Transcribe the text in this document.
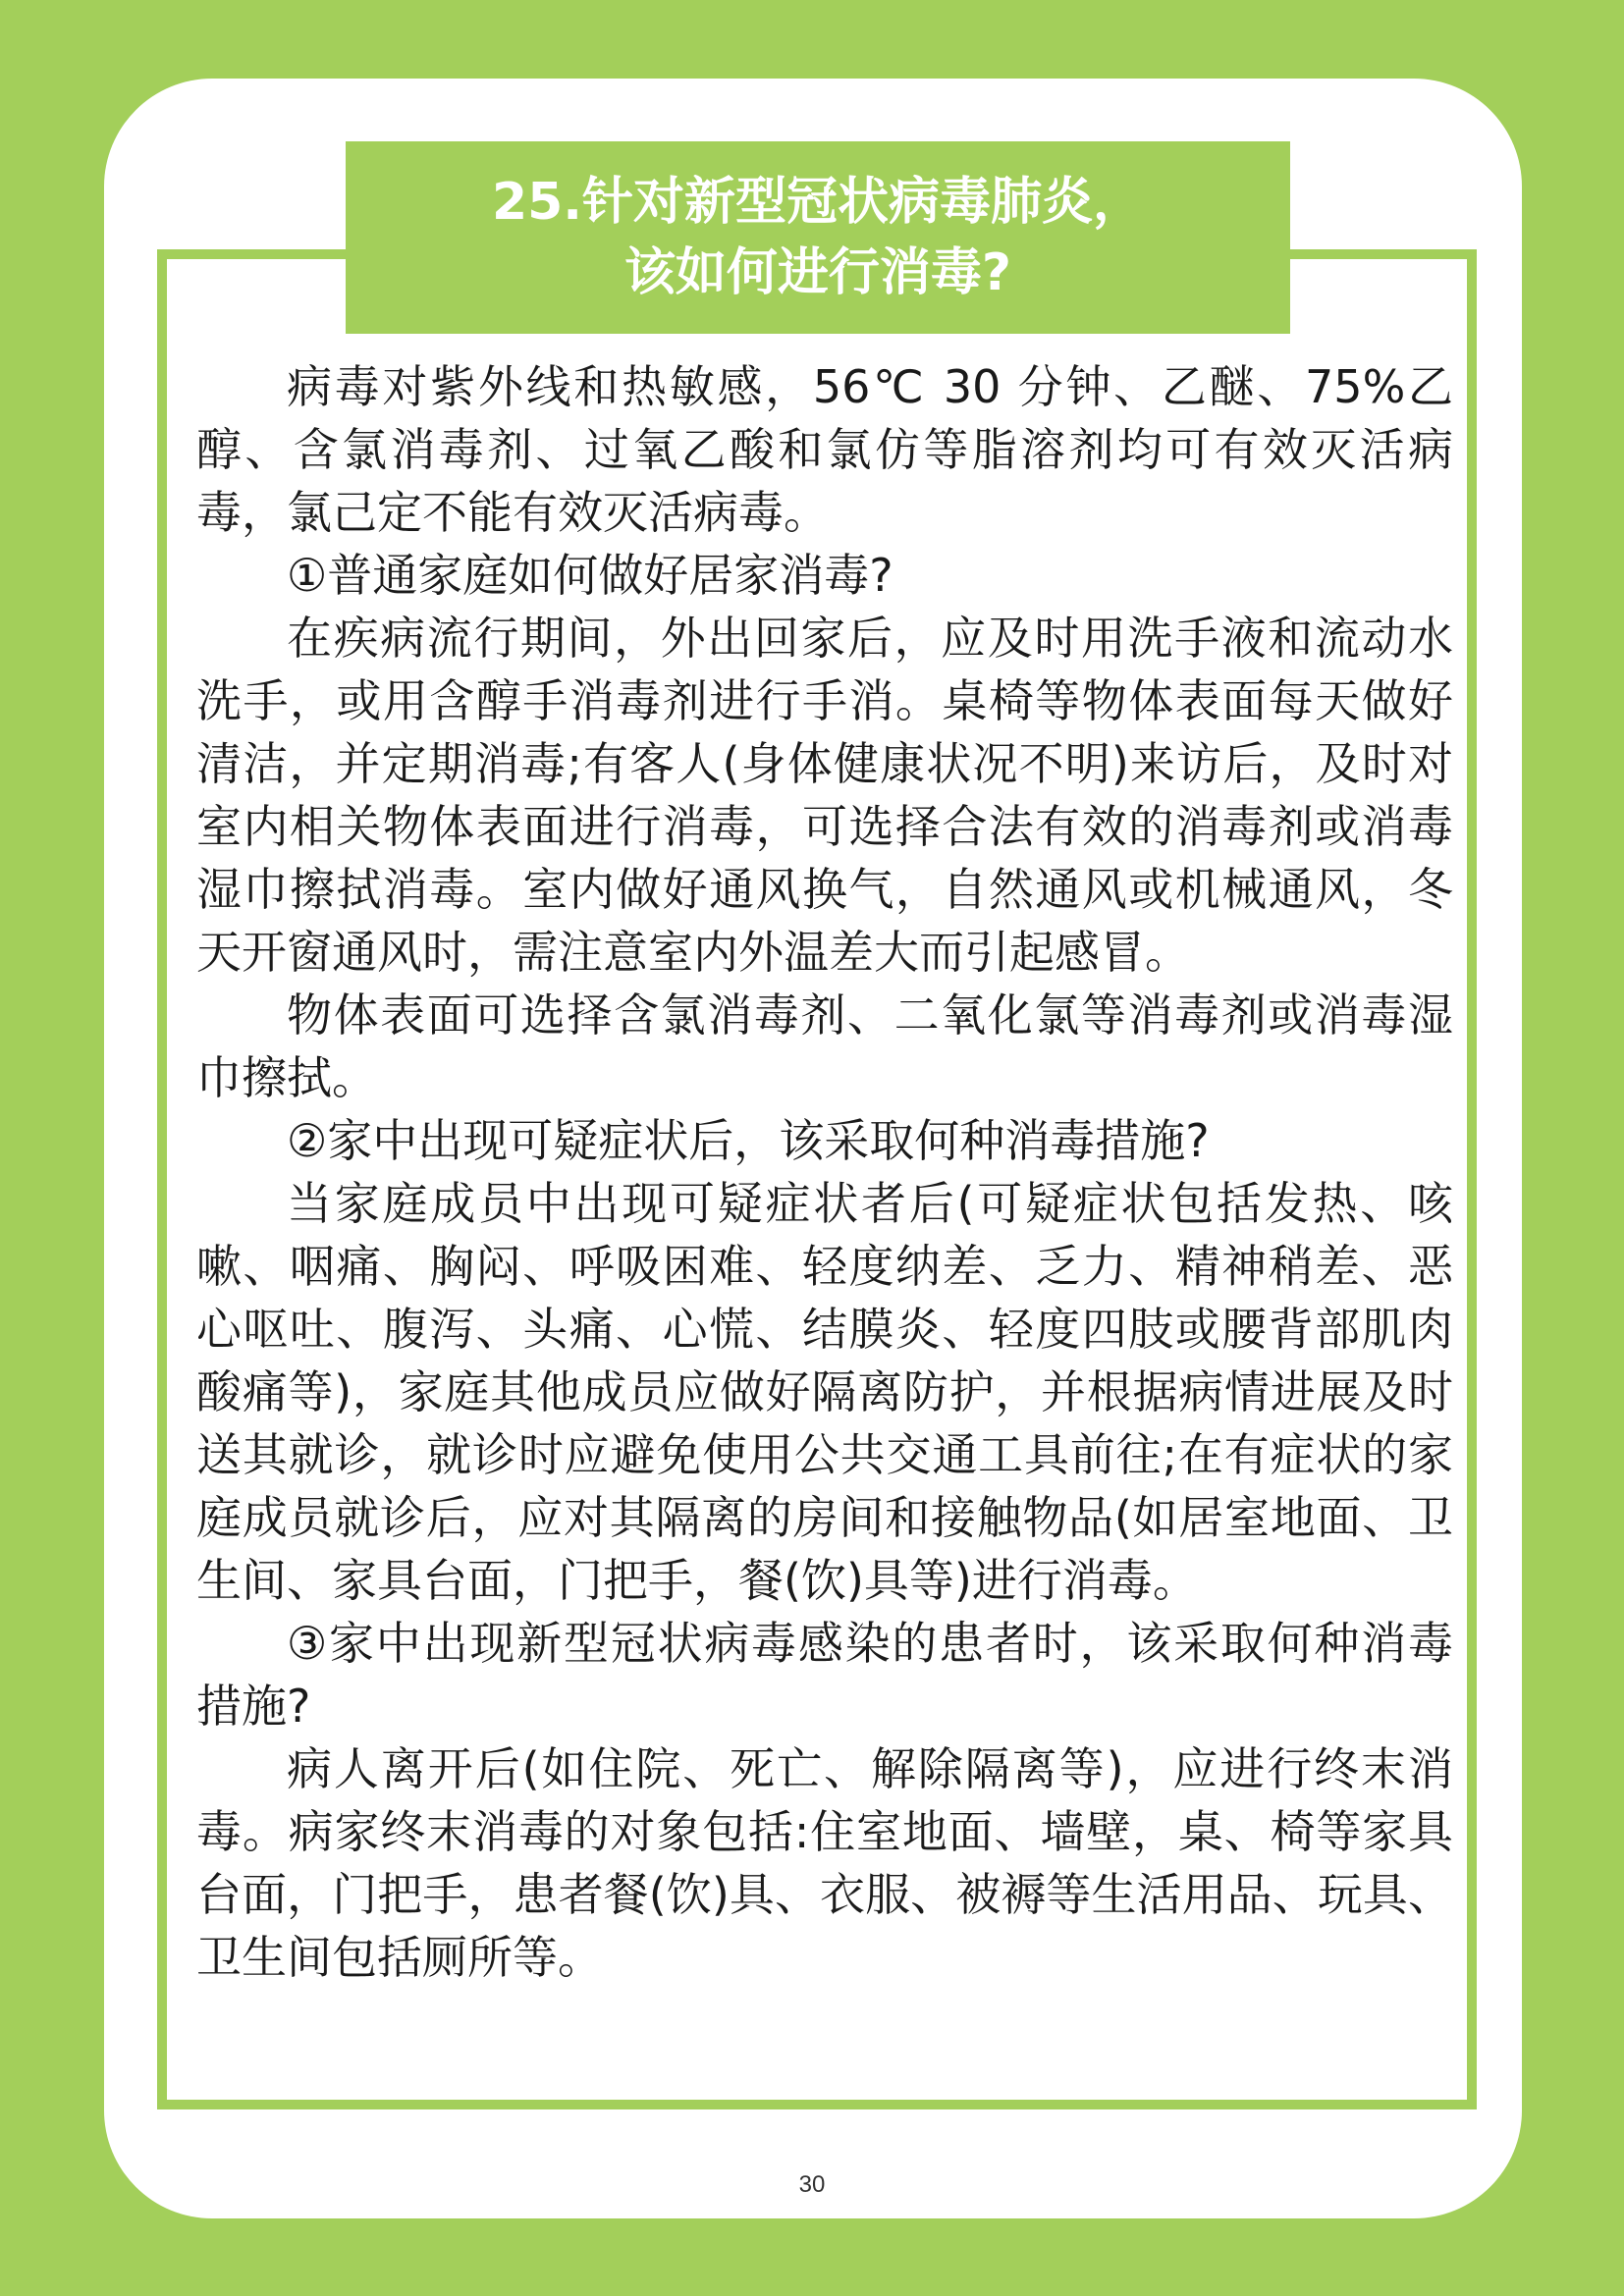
25.针对新型冠状病毒肺炎，
该如何进行消毒?

病毒对紫外线和热敏感，56℃ 30 分钟、乙醚、75%乙醇、含氯消毒剂、过氧乙酸和氯仿等脂溶剂均可有效灭活病毒，氯己定不能有效灭活病毒。

①普通家庭如何做好居家消毒?

在疾病流行期间，外出回家后，应及时用洗手液和流动水洗手，或用含醇手消毒剂进行手消。桌椅等物体表面每天做好清洁，并定期消毒;有客人(身体健康状况不明)来访后，及时对室内相关物体表面进行消毒，可选择合法有效的消毒剂或消毒湿巾擦拭消毒。室内做好通风换气，自然通风或机械通风，冬天开窗通风时，需注意室内外温差大而引起感冒。

物体表面可选择含氯消毒剂、二氧化氯等消毒剂或消毒湿巾擦拭。

②家中出现可疑症状后，该采取何种消毒措施?

当家庭成员中出现可疑症状者后(可疑症状包括发热、咳嗽、咽痛、胸闷、呼吸困难、轻度纳差、乏力、精神稍差、恶心呕吐、腹泻、头痛、心慌、结膜炎、轻度四肢或腰背部肌肉酸痛等)，家庭其他成员应做好隔离防护，并根据病情进展及时送其就诊，就诊时应避免使用公共交通工具前往;在有症状的家庭成员就诊后，应对其隔离的房间和接触物品(如居室地面、卫生间、家具台面，门把手，餐(饮)具等)进行消毒。

③家中出现新型冠状病毒感染的患者时，该采取何种消毒措施?

病人离开后(如住院、死亡、解除隔离等)，应进行终末消毒。病家终末消毒的对象包括:住室地面、墙壁，桌、椅等家具台面，门把手，患者餐(饮)具、衣服、被褥等生活用品、玩具、卫生间包括厕所等。

30
